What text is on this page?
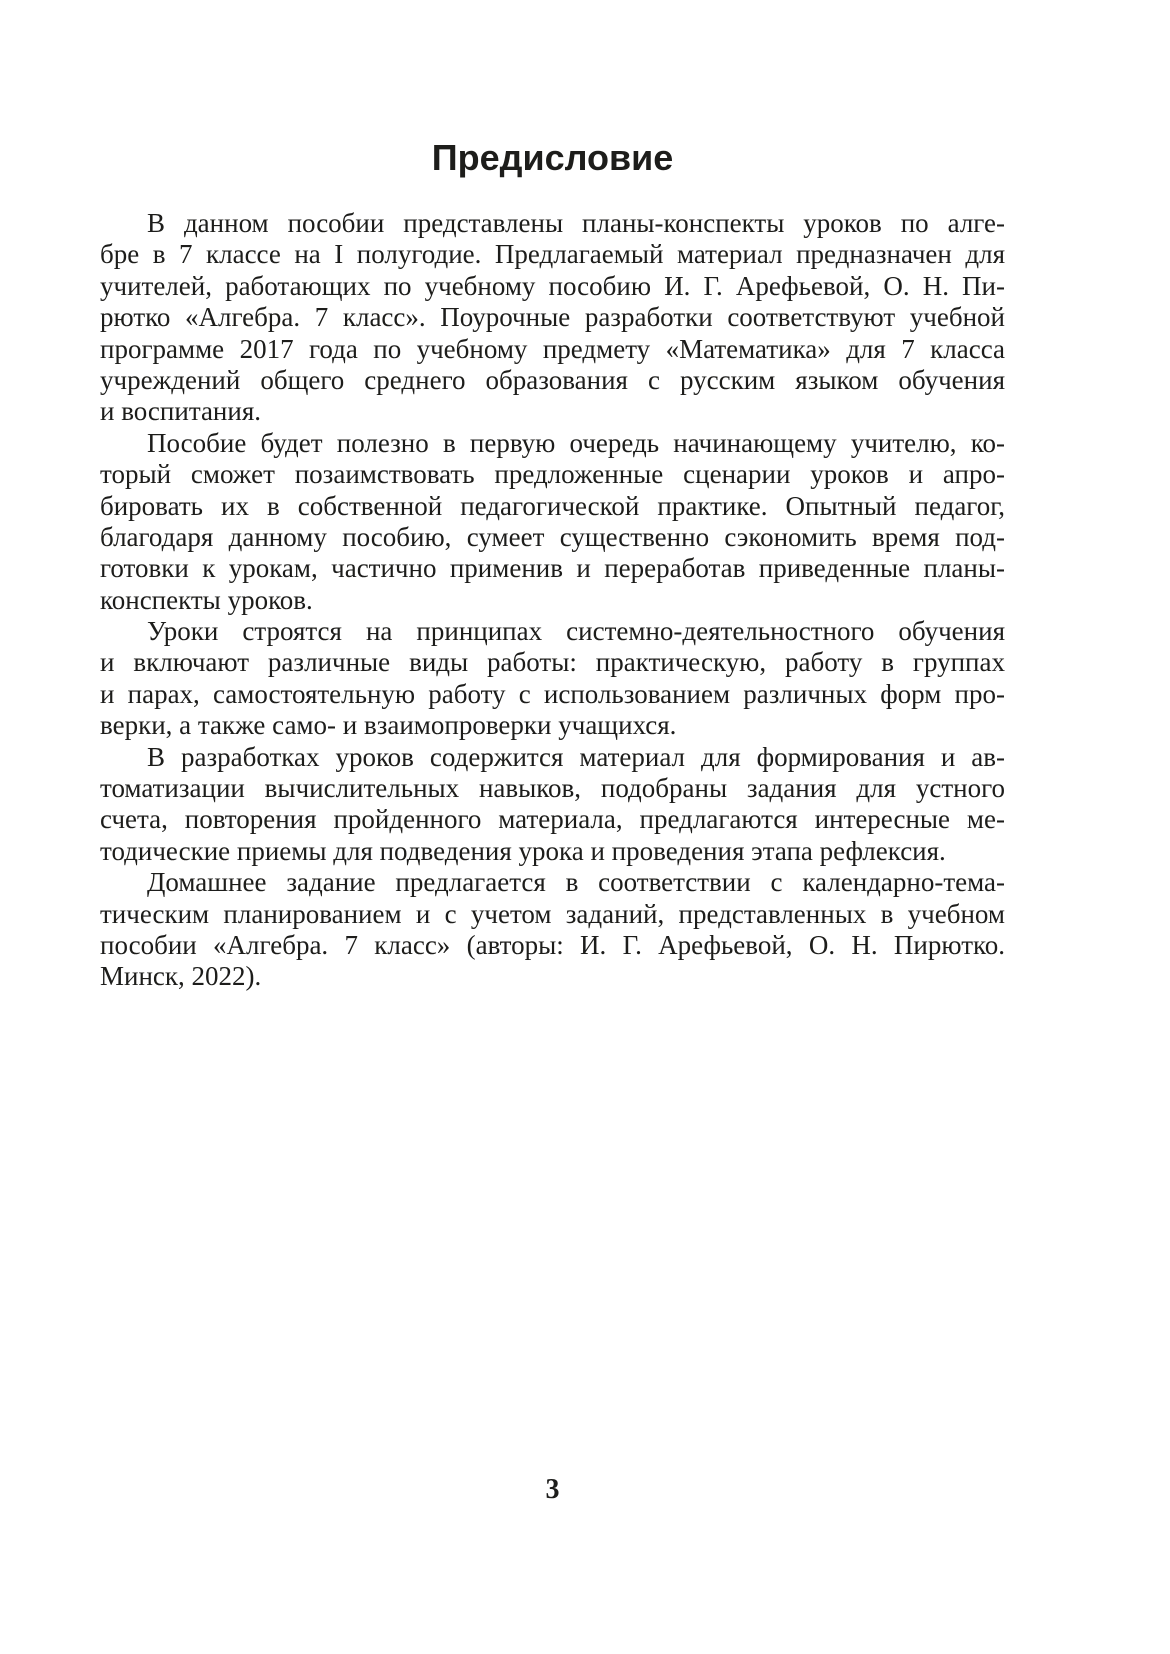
Предисловие
В данном пособии представлены планы-конспекты уроков по алге-
бре в 7 классе на I полугодие. Предлагаемый материал предназначен для
учителей, работающих по учебному пособию И. Г. Арефьевой, О. Н. Пи-
рютко «Алгебра. 7 класс». Поурочные разработки соответствуют учебной
программе 2017 года по учебному предмету «Математика» для 7 класса
учреждений общего среднего образования с русским языком обучения
и воспитания.
Пособие будет полезно в первую очередь начинающему учителю, ко-
торый сможет позаимствовать предложенные сценарии уроков и апро-
бировать их в собственной педагогической практике. Опытный педагог,
благодаря данному пособию, сумеет существенно сэкономить время под-
готовки к урокам, частично применив и переработав приведенные планы-
конспекты уроков.
Уроки строятся на принципах системно-деятельностного обучения
и включают различные виды работы: практическую, работу в группах
и парах, самостоятельную работу с использованием различных форм про-
верки, а также само- и взаимопроверки учащихся.
В разработках уроков содержится материал для формирования и ав-
томатизации вычислительных навыков, подобраны задания для устного
счета, повторения пройденного материала, предлагаются интересные ме-
тодические приемы для подведения урока и проведения этапа рефлексия.
Домашнее задание предлагается в соответствии с календарно-тема-
тическим планированием и с учетом заданий, представленных в учебном
пособии «Алгебра. 7 класс» (авторы: И. Г. Арефьевой, О. Н. Пирютко.
Минск, 2022).
3
